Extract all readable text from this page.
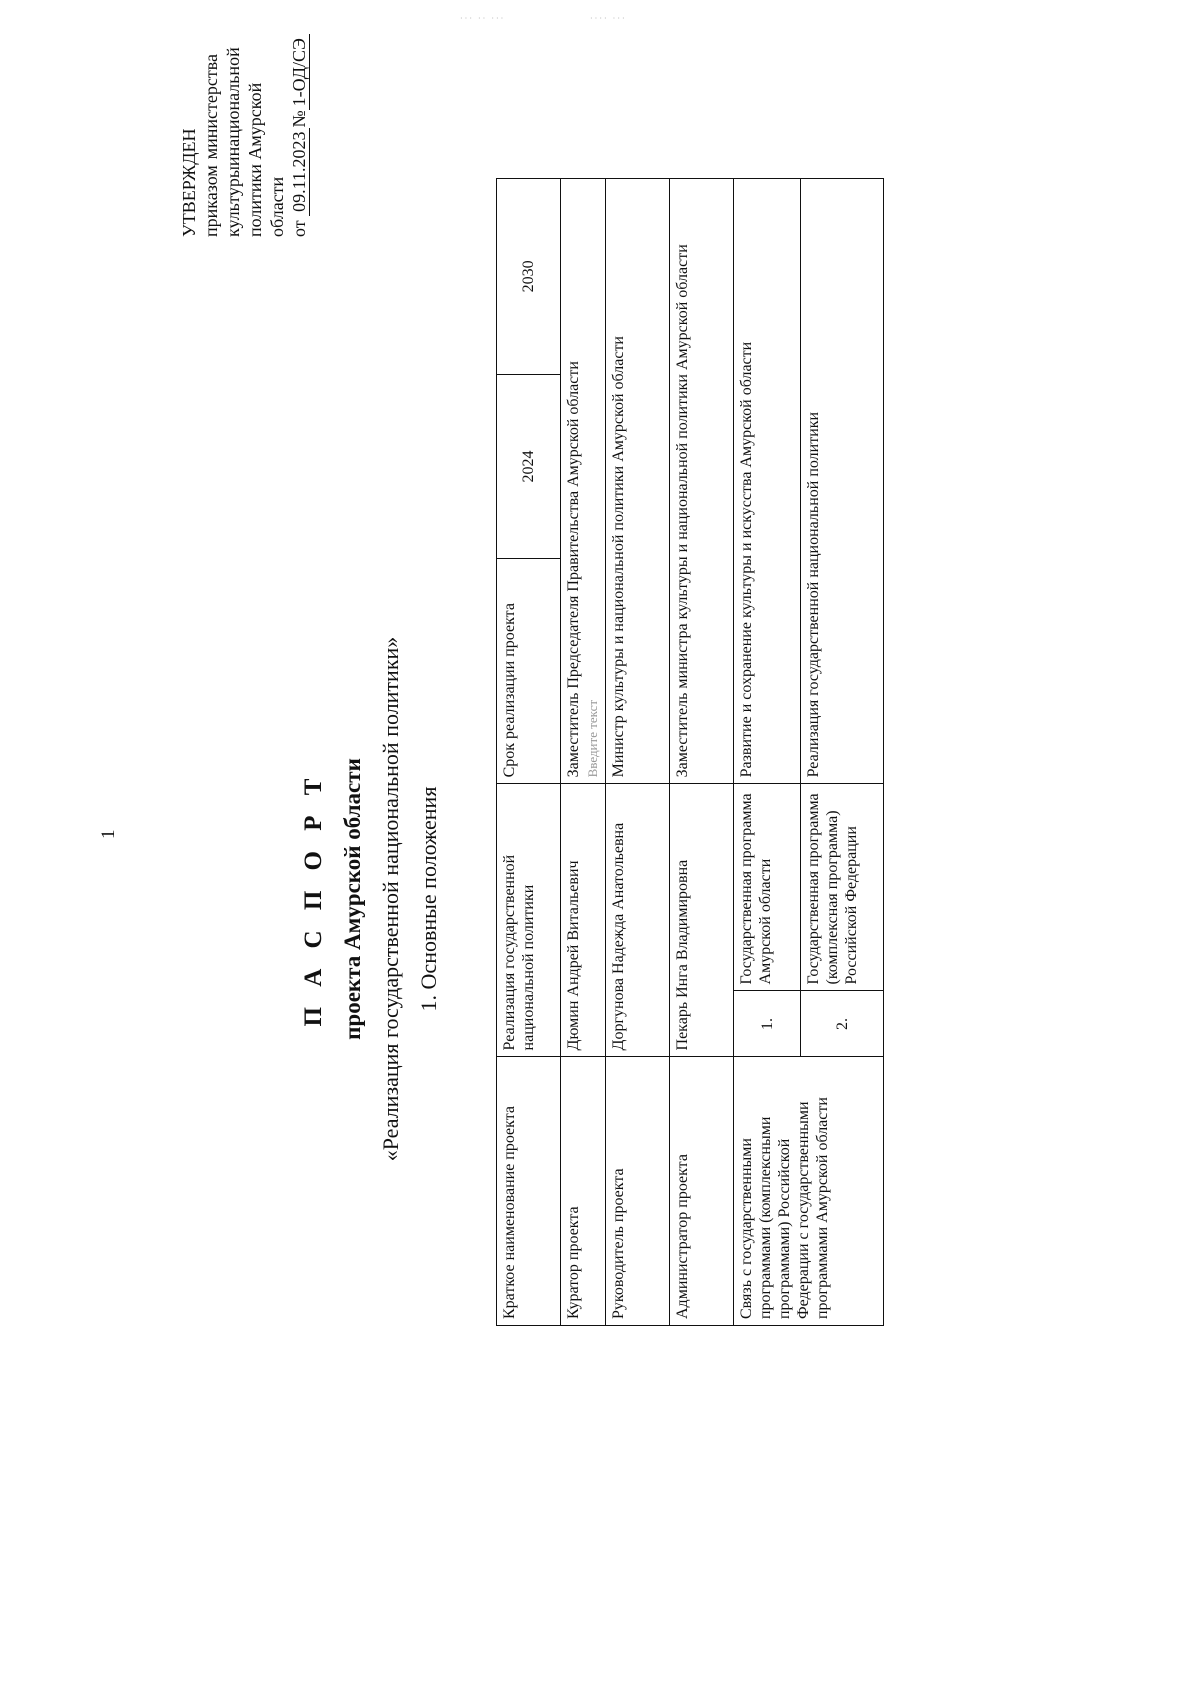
··· ·· ···	···· ···
1
УТВЕРЖДЕН приказом
министерства
культуры
и
национальной политики Амурской области от 09.11.2023
№1-ОД/СЭ

П А С П О Р Т проекта Амурской области «Реализация государственной национальной политики» 1. Основные положения

Краткое наименование проекта	Реализация государственной национальной политики		Срок реализации проекта	2024	2030
Куратор проекта	Дюмин Андрей Витальевич		Заместитель Председателя Правительства Амурской области Введите текст		

Руководитель проекта	Доргунова Надежда Анатольевна		Министр культуры и национальной политики Амурской области		
Администратор проекта	Пекарь Инга Владимировна		Заместитель министра культуры и национальной политики Амурской области		
Связь с государственными программами (комплексными программами) Российской Федерации с государственными программами Амурской области	1.	Государственная программа Амурской области	Развитие и сохранение культуры и искусства Амурской области		
	2.	Государственная программа (комплексная программа) Российской Федерации	Реализация государственной национальной политики		
